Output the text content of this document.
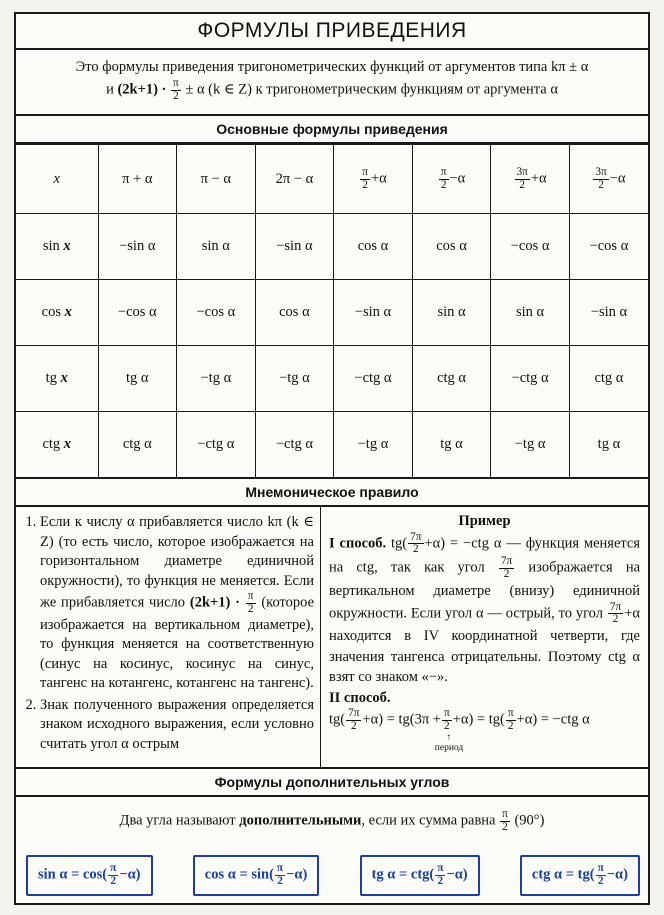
ФОРМУЛЫ ПРИВЕДЕНИЯ
Это формулы приведения тригонометрических функций от аргументов типа kπ ± α
и $(2k+1) \cdot \frac{\pi}{2} \pm \alpha$ (k ∈ Z) к тригонометрическим функциям от аргумента α
Основные формулы приведения
x	π + α	π − α	2π − α	$\frac{\pi}{2} +\alpha$	$\frac{\pi}{2} -\alpha$	$\frac{3\pi}{2} +\alpha$	$\frac{3\pi}{2} -\alpha$
sin x	−sin α	sin α	−sin α	cos α	cos α	−cos α	−cos α
cos x	−cos α	−cos α	cos α	−sin α	sin α	sin α	−sin α
tg x	tg α	−tg α	−tg α	−ctg α	ctg α	−ctg α	ctg α
ctg x	ctg α	−ctg α	−ctg α	−tg α	tg α	−tg α	tg α
Мнемоническое правило
1. Если к числу α прибавляется число kπ (k ∈ Z) (то есть число, которое изображается на горизонтальном диаметре единичной окружности), то функция не меняется. Если же прибавляется число $(2k+1) \cdot \frac{\pi}{2}$ (которое изображается на вертикальном диаметре), то функция меняется на соответственную (синус на косинус, косинус на синус, тангенс на котангенс, котангенс на тангенс).
2. Знак полученного выражения определяется знаком исходного выражения, если условно считать угол α острым
Пример
I способ. $tg( \frac{7\pi}{2} +\alpha) = -ctg$ α — функция меняется на ctg, так как угол $\frac{7\pi}{2}$ изображается на вертикальном диаметре (внизу) единичной окружности. Если угол α — острый, то угол $\frac{7\pi}{2} +\alpha$ находится в IV координатной четверти, где значения тангенса отрицательны. Поэтому ctg α взят со знаком «−».
II способ.
$tg( \frac{7\pi}{2} +\alpha) = tg(3\pi + \frac{\pi}{2} +\alpha) = tg( \frac{\pi}{2} +\alpha) = -ctg$ α
↑
период
Формулы дополнительных углов
Два угла называют дополнительными, если их сумма равна $\frac{\pi}{2} (90^\circ)$
$\sin \alpha = \cos( \frac{\pi}{2} -\alpha)$	$\cos \alpha = \sin( \frac{\pi}{2} -\alpha)$	tg $\alpha = ctg( \frac{\pi}{2} -\alpha)$	ctg $\alpha = tg( \frac{\pi}{2} -\alpha)$
